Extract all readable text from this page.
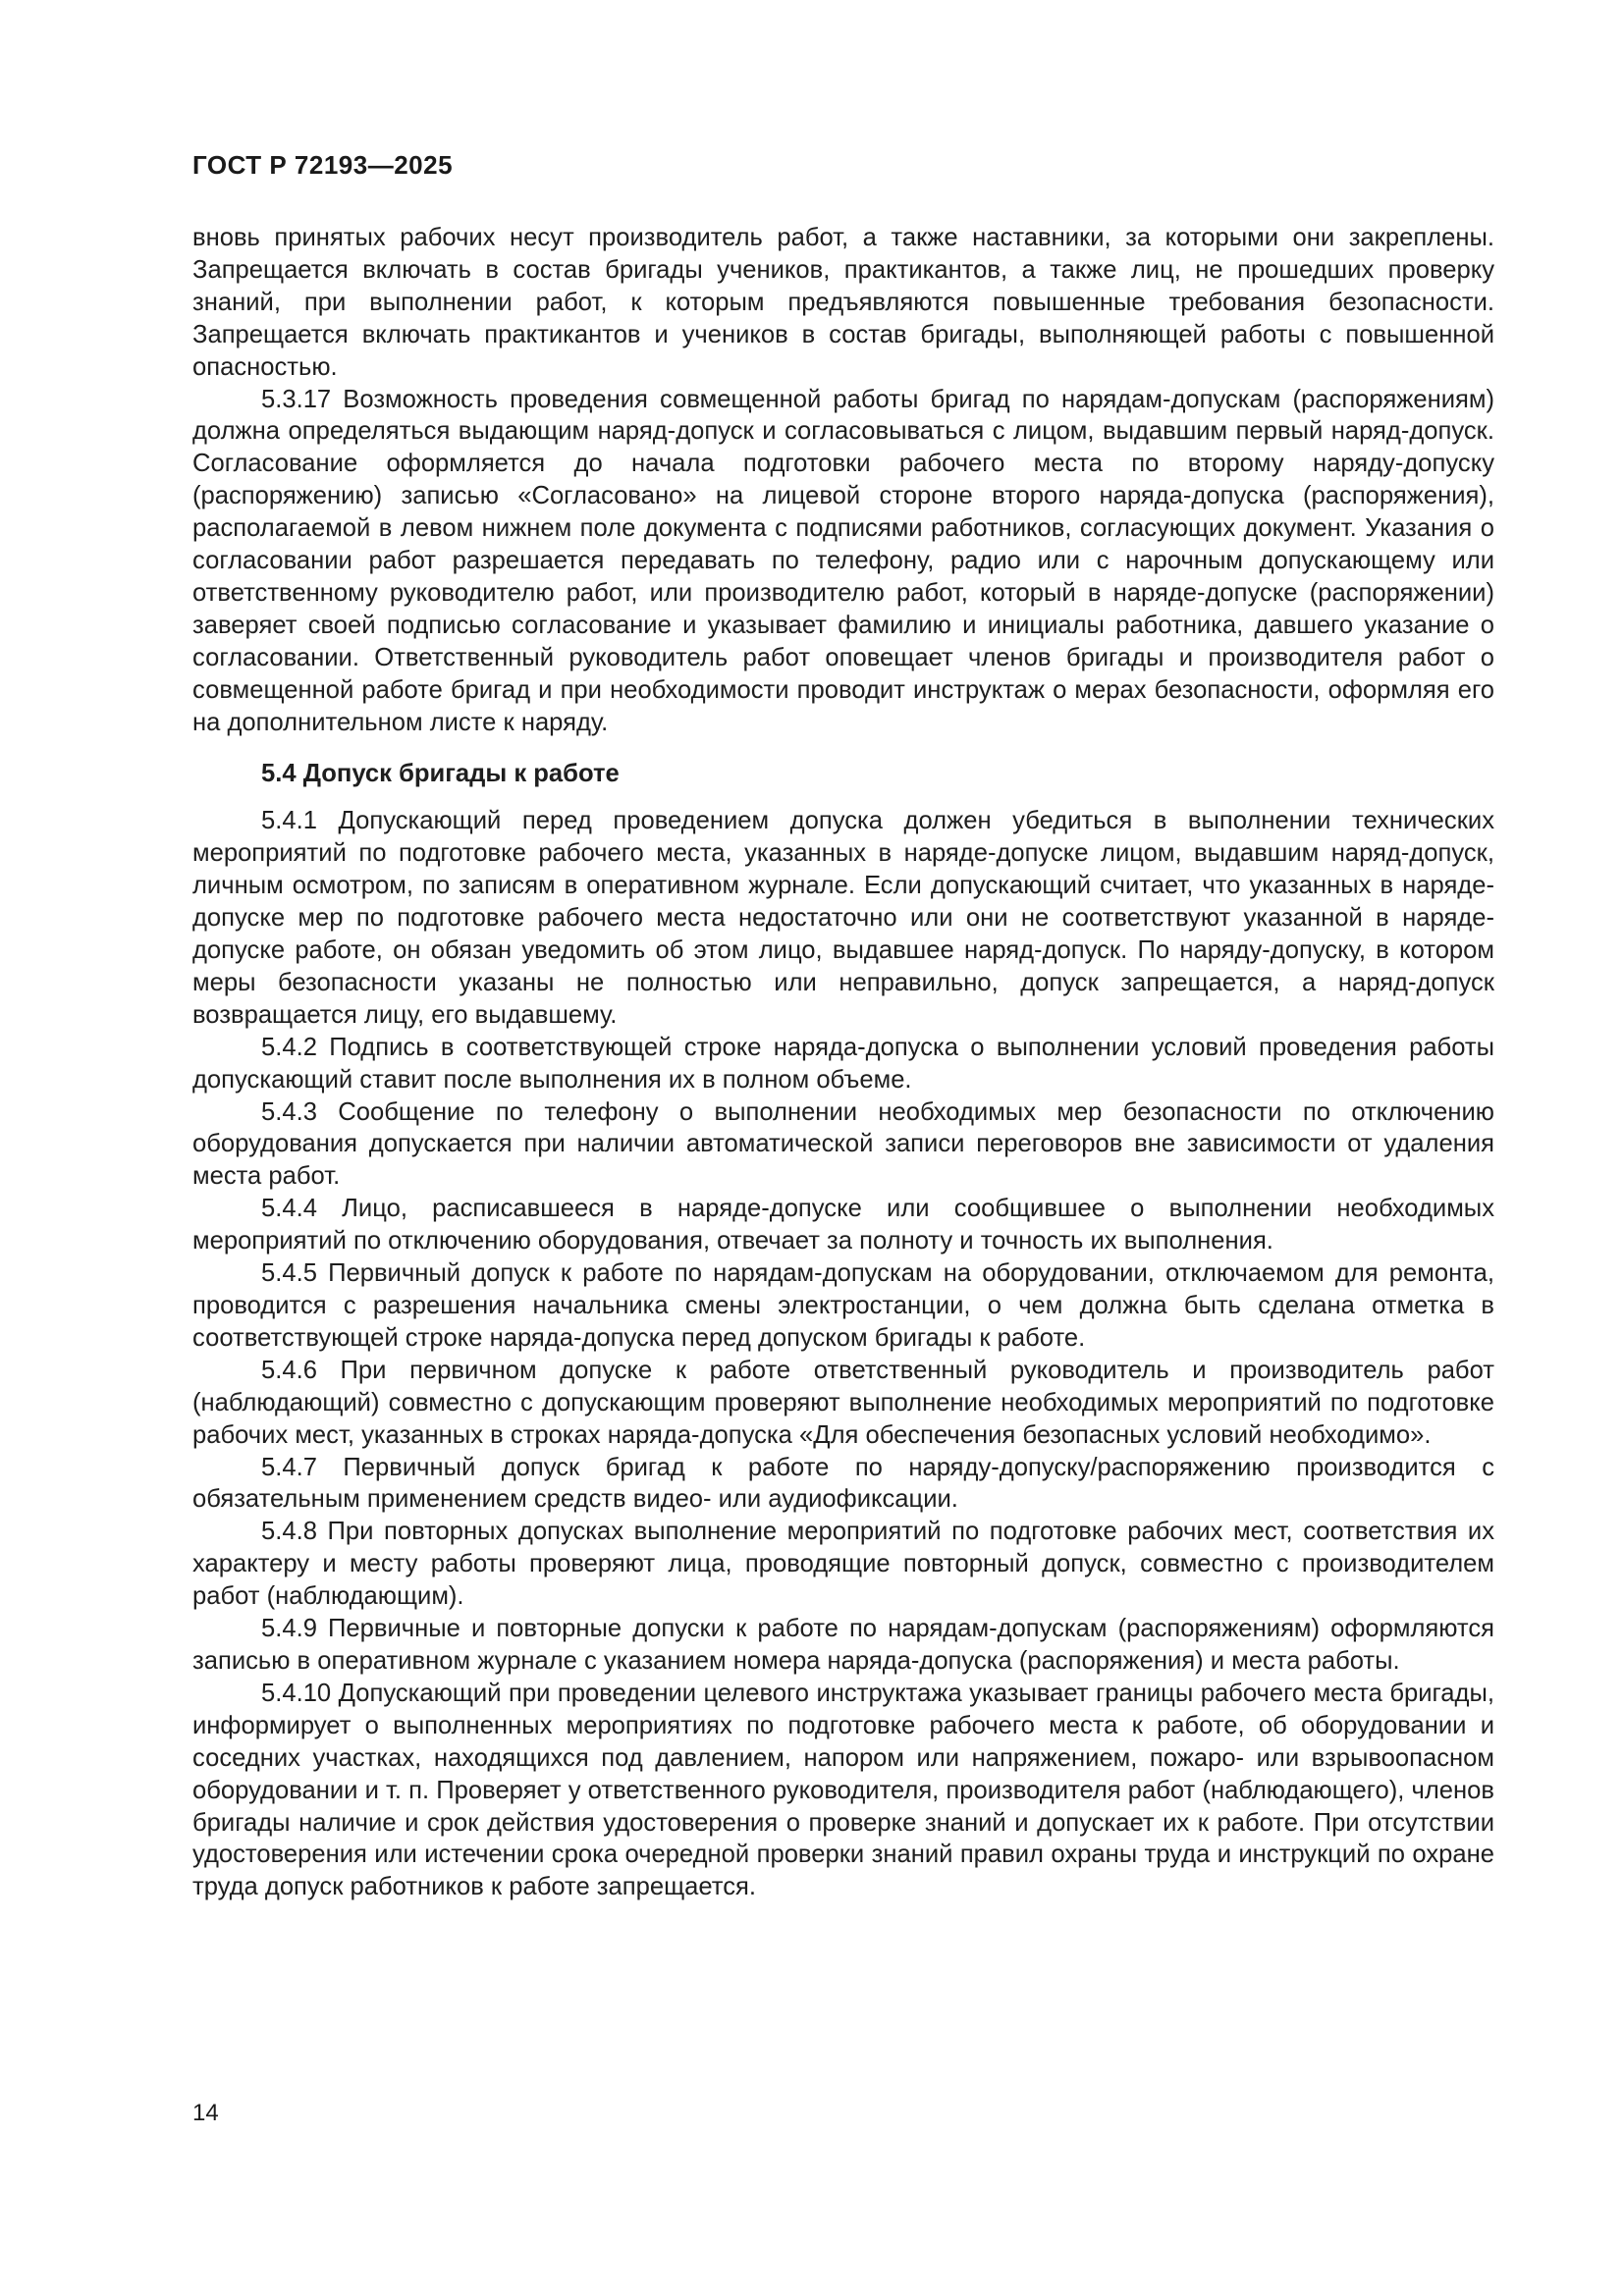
ГОСТ Р 72193—2025

вновь принятых рабочих несут производитель работ, а также наставники, за которыми они закреплены. Запрещается включать в состав бригады учеников, практикантов, а также лиц, не прошедших проверку знаний, при выполнении работ, к которым предъявляются повышенные требования безопасности. Запрещается включать практикантов и учеников в состав бригады, выполняющей работы с повышенной опасностью.

5.3.17 Возможность проведения совмещенной работы бригад по нарядам-допускам (распоряжениям) должна определяться выдающим наряд-допуск и согласовываться с лицом, выдавшим первый наряд-допуск. Согласование оформляется до начала подготовки рабочего места по второму наряду-допуску (распоряжению) записью «Согласовано» на лицевой стороне второго наряда-допуска (распоряжения), располагаемой в левом нижнем поле документа с подписями работников, согласующих документ. Указания о согласовании работ разрешается передавать по телефону, радио или с нарочным допускающему или ответственному руководителю работ, или производителю работ, который в наряде-допуске (распоряжении) заверяет своей подписью согласование и указывает фамилию и инициалы работника, давшего указание о согласовании. Ответственный руководитель работ оповещает членов бригады и производителя работ о совмещенной работе бригад и при необходимости проводит инструктаж о мерах безопасности, оформляя его на дополнительном листе к наряду.

5.4 Допуск бригады к работе

5.4.1 Допускающий перед проведением допуска должен убедиться в выполнении технических мероприятий по подготовке рабочего места, указанных в наряде-допуске лицом, выдавшим наряд-допуск, личным осмотром, по записям в оперативном журнале. Если допускающий считает, что указанных в наряде-допуске мер по подготовке рабочего места недостаточно или они не соответствуют указанной в наряде-допуске работе, он обязан уведомить об этом лицо, выдавшее наряд-допуск. По наряду-допуску, в котором меры безопасности указаны не полностью или неправильно, допуск запрещается, а наряд-допуск возвращается лицу, его выдавшему.

5.4.2 Подпись в соответствующей строке наряда-допуска о выполнении условий проведения работы допускающий ставит после выполнения их в полном объеме.

5.4.3 Сообщение по телефону о выполнении необходимых мер безопасности по отключению оборудования допускается при наличии автоматической записи переговоров вне зависимости от удаления места работ.

5.4.4 Лицо, расписавшееся в наряде-допуске или сообщившее о выполнении необходимых мероприятий по отключению оборудования, отвечает за полноту и точность их выполнения.

5.4.5 Первичный допуск к работе по нарядам-допускам на оборудовании, отключаемом для ремонта, проводится с разрешения начальника смены электростанции, о чем должна быть сделана отметка в соответствующей строке наряда-допуска перед допуском бригады к работе.

5.4.6 При первичном допуске к работе ответственный руководитель и производитель работ (наблюдающий) совместно с допускающим проверяют выполнение необходимых мероприятий по подготовке рабочих мест, указанных в строках наряда-допуска «Для обеспечения безопасных условий необходимо».

5.4.7 Первичный допуск бригад к работе по наряду-допуску/распоряжению производится с обязательным применением средств видео- или аудиофиксации.

5.4.8 При повторных допусках выполнение мероприятий по подготовке рабочих мест, соответствия их характеру и месту работы проверяют лица, проводящие повторный допуск, совместно с производителем работ (наблюдающим).

5.4.9 Первичные и повторные допуски к работе по нарядам-допускам (распоряжениям) оформляются записью в оперативном журнале с указанием номера наряда-допуска (распоряжения) и места работы.

5.4.10 Допускающий при проведении целевого инструктажа указывает границы рабочего места бригады, информирует о выполненных мероприятиях по подготовке рабочего места к работе, об оборудовании и соседних участках, находящихся под давлением, напором или напряжением, пожаро- или взрывоопасном оборудовании и т. п. Проверяет у ответственного руководителя, производителя работ (наблюдающего), членов бригады наличие и срок действия удостоверения о проверке знаний и допускает их к работе. При отсутствии удостоверения или истечении срока очередной проверки знаний правил охраны труда и инструкций по охране труда допуск работников к работе запрещается.

14
